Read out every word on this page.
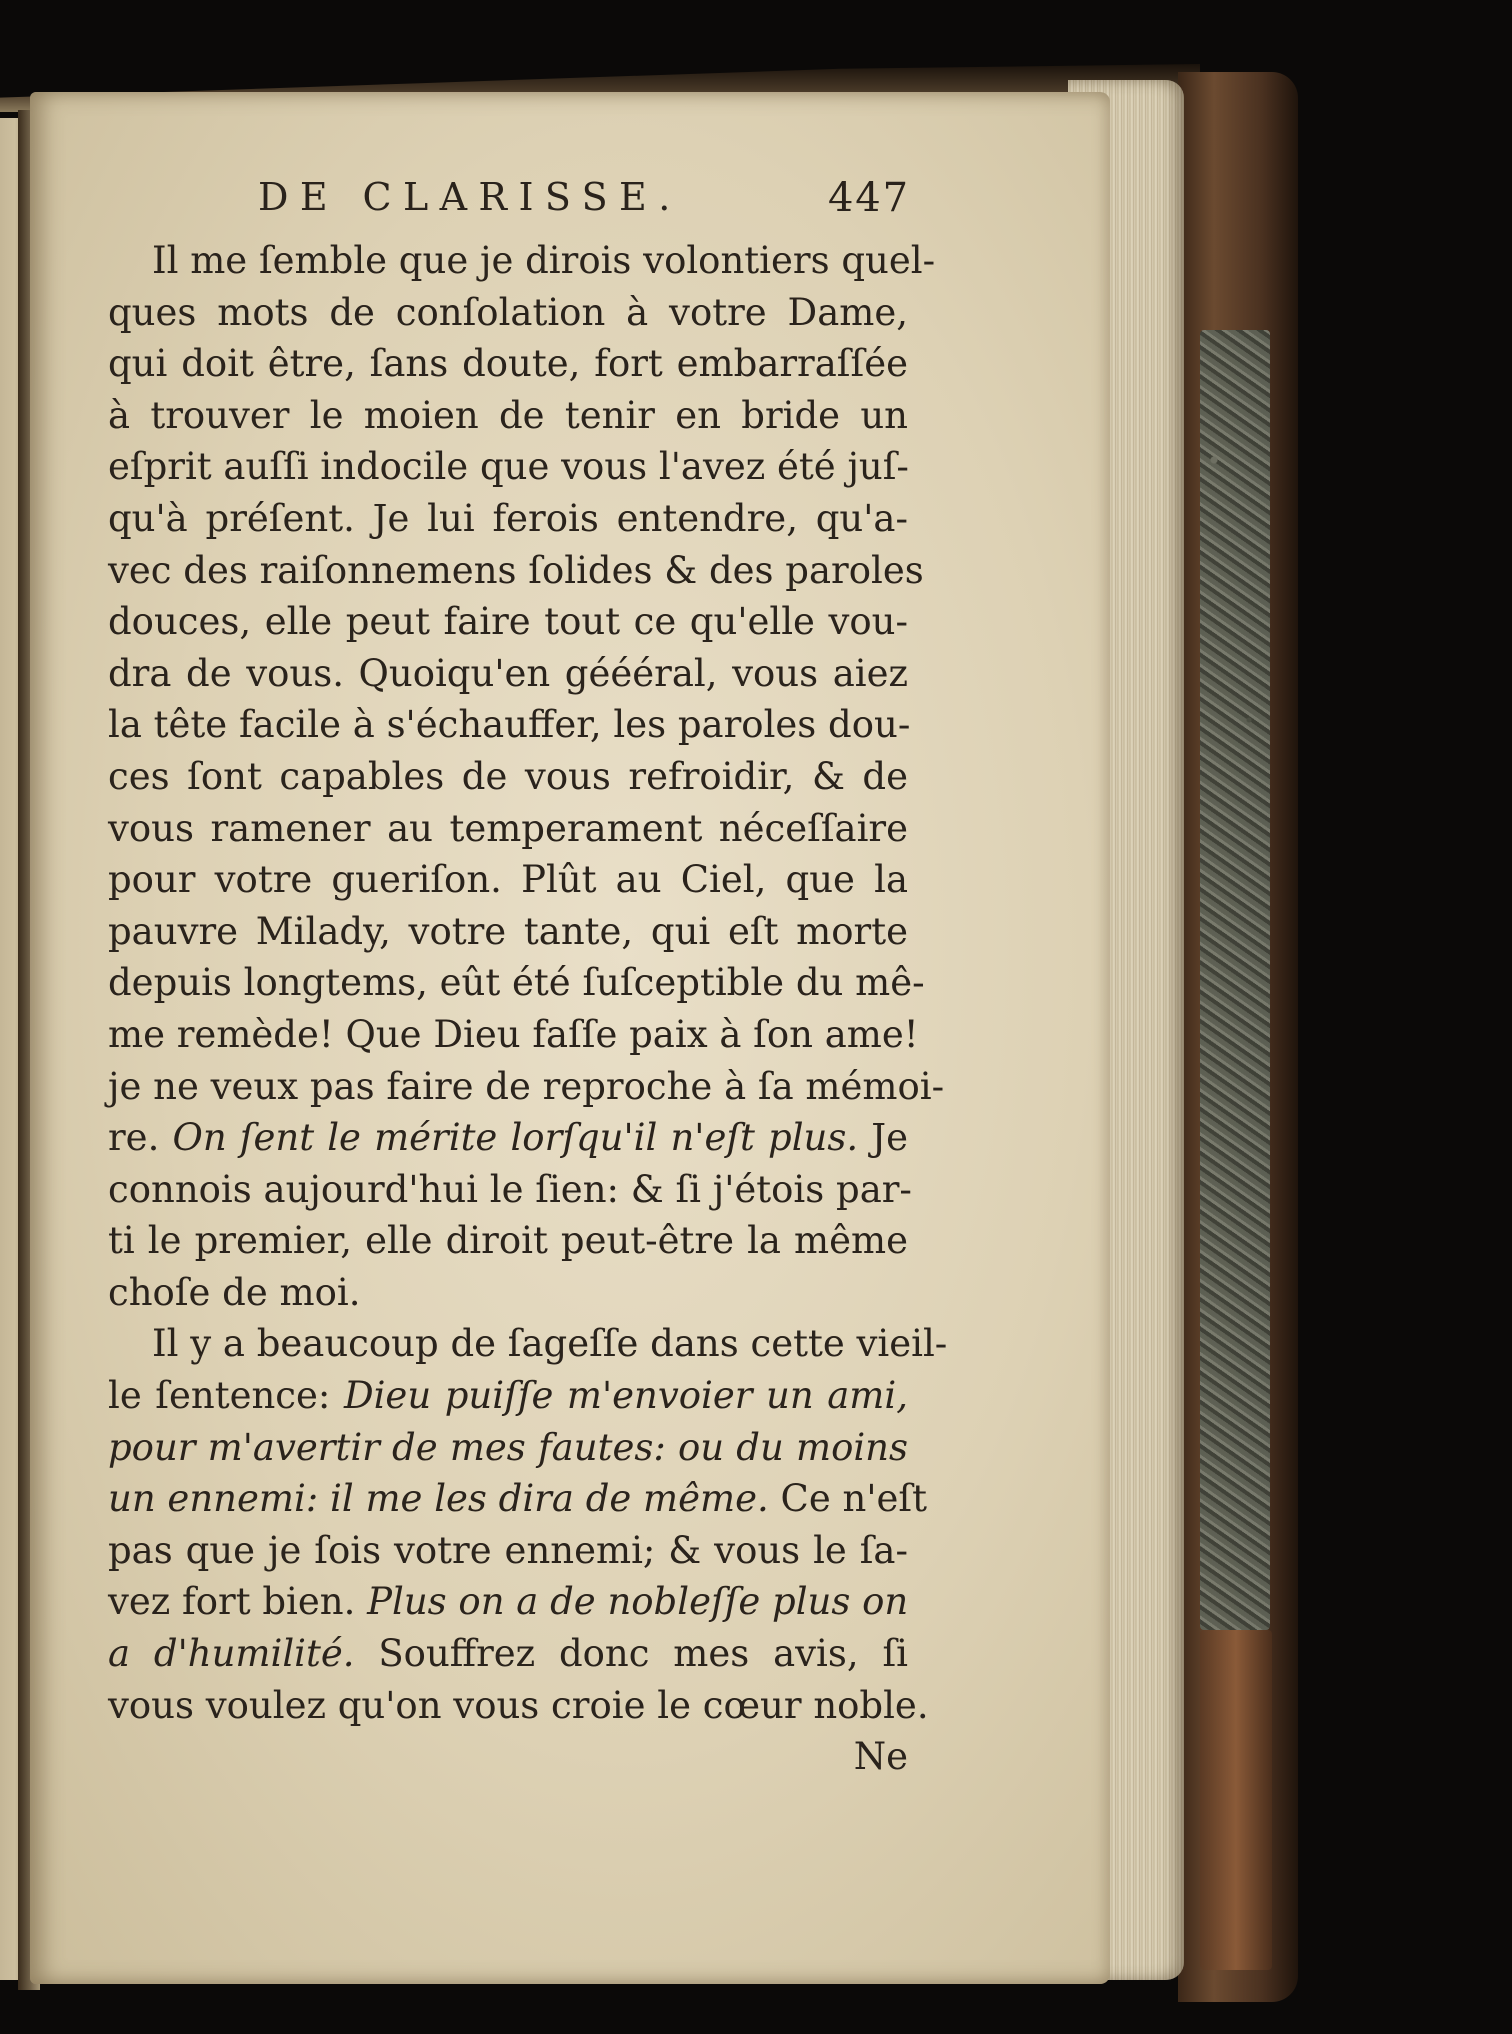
DE CLARISSE.	447
Il me ſemble que je dirois volontiers quel-
ques mots de conſolation à votre Dame,
qui doit être, ſans doute, fort embarraſſée
à trouver le moien de tenir en bride un
eſprit auſſi indocile que vous l'avez été juſ-
qu'à préſent. Je lui ferois entendre, qu'a-
vec des raiſonnemens ſolides & des paroles
douces, elle peut faire tout ce qu'elle vou-
dra de vous. Quoiqu'en géééral, vous aiez
la tête facile à s'échauffer, les paroles dou-
ces ſont capables de vous refroidir, & de
vous ramener au temperament néceſſaire
pour votre gueriſon. Plût au Ciel, que la
pauvre Milady, votre tante, qui eſt morte
depuis longtems, eût été ſuſceptible du mê-
me remède! Que Dieu faſſe paix à ſon ame!
je ne veux pas faire de reproche à ſa mémoi-
re. On ſent le mérite lorſqu'il n'eſt plus. Je
connois aujourd'hui le ſien: & ſi j'étois par-
ti le premier, elle diroit peut-être la même
choſe de moi.
Il y a beaucoup de ſageſſe dans cette vieil-
le ſentence: Dieu puiſſe m'envoier un ami,
pour m'avertir de mes fautes: ou du moins
un ennemi: il me les dira de même. Ce n'eſt
pas que je ſois votre ennemi; & vous le ſa-
vez fort bien. Plus on a de nobleſſe plus on
a d'humilité. Souffrez donc mes avis, ſi
vous voulez qu'on vous croie le cœur noble.
Ne
